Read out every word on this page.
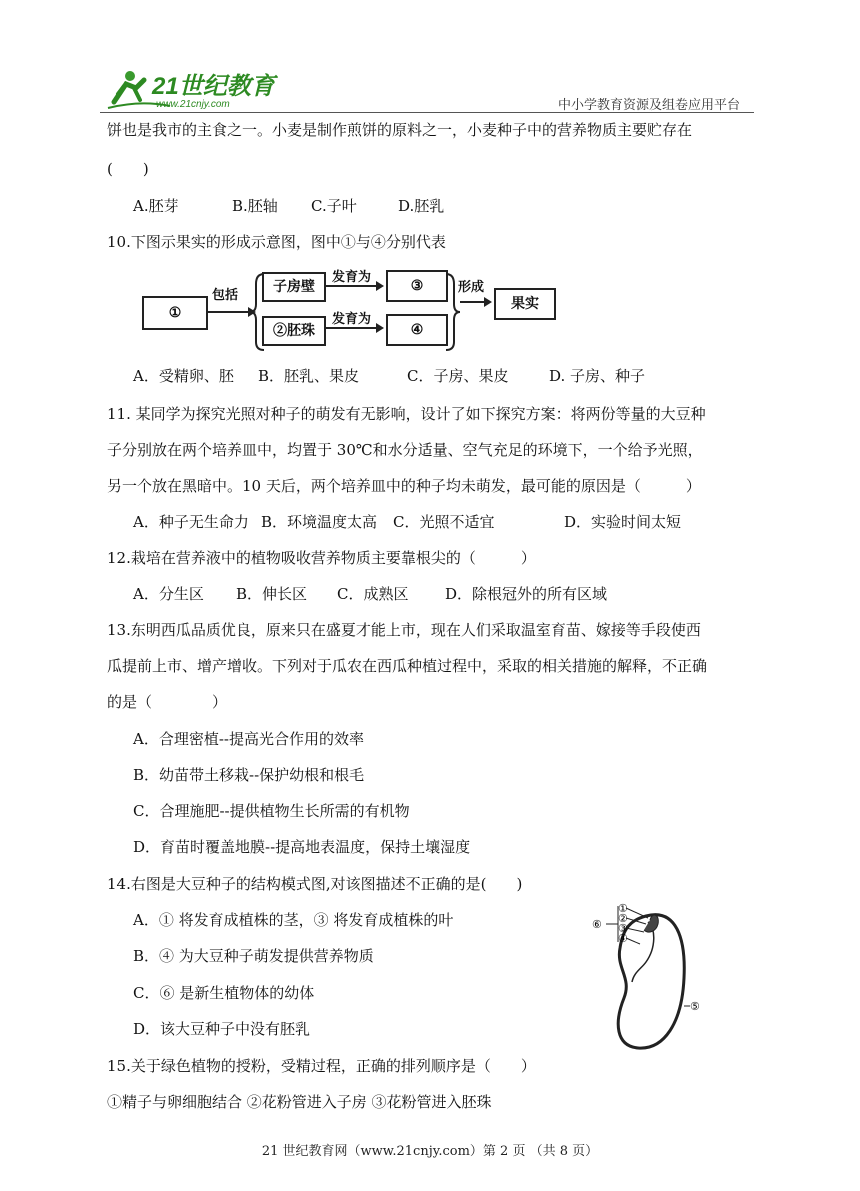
21世纪教育
www.21cnjy.com	中小学教育资源及组卷应用平台
饼也是我市的主食之一。小麦是制作煎饼的原料之一，小麦种子中的营养物质主要贮存在
(　　)
A.胚芽	B.胚轴 C.子叶	D.胚乳
10.下图示果实的形成示意图，图中①与④分别代表
①
包括
子房壁
②胚珠
发育为
发育为
③
④
形成
果实
A．受精卵、胚 B．胚乳、果皮	C．子房、果皮	D. 子房、种子
11. 某同学为探究光照对种子的萌发有无影响，设计了如下探究方案：将两份等量的大豆种
子分别放在两个培养皿中，均置于 30℃和水分适量、空气充足的环境下，一个给予光照，
另一个放在黑暗中。10 天后，两个培养皿中的种子均未萌发，最可能的原因是（　　　）
A．种子无生命力 B．环境温度太高 C．光照不适宜	D．实验时间太短
12.栽培在营养液中的植物吸收营养物质主要靠根尖的（　　　）
A．分生区 B．伸长区 C．成熟区 D．除根冠外的所有区域
13.东明西瓜品质优良，原来只在盛夏才能上市，现在人们采取温室育苗、嫁接等手段使西
瓜提前上市、增产增收。下列对于瓜农在西瓜种植过程中，采取的相关措施的解释，不正确
的是（　　　　）
A．合理密植--提高光合作用的效率
B．幼苗带土移栽--保护幼根和根毛
C．合理施肥--提供植物生长所需的有机物
D．育苗时覆盖地膜--提高地表温度，保持土壤湿度
14.右图是大豆种子的结构模式图,对该图描述不正确的是(　　)
A．① 将发育成植株的茎，③ 将发育成植株的叶
B．④ 为大豆种子萌发提供营养物质
C．⑥ 是新生植物体的幼体
D．该大豆种子中没有胚乳
①
②
③
④
⑤
⑥
15.关于绿色植物的授粉，受精过程，正确的排列顺序是（　　）
①精子与卵细胞结合 ②花粉管进入子房 ③花粉管进入胚珠
21 世纪教育网（www.21cnjy.com）第 2 页 （共 8 页）
